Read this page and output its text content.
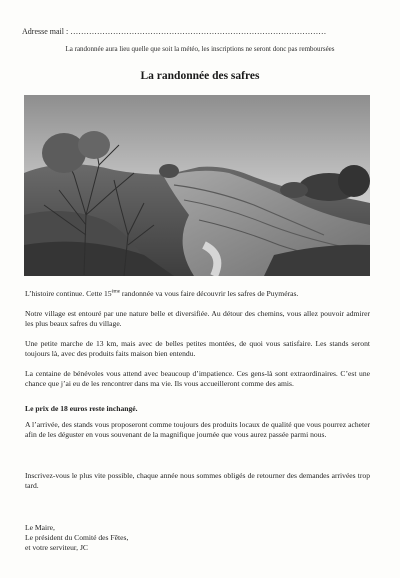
Adresse mail : ……………………………………………………………………………………
La randonnée aura lieu quelle que soit la météo, les inscriptions ne seront donc pas remboursées
La randonnée des safres
L’histoire continue. Cette 15ème randonnée va vous faire découvrir les safres de Puyméras.
Notre village est entouré par une nature belle et diversifiée. Au détour des chemins, vous allez pouvoir admirer les plus beaux safres du village.
Une petite marche de 13 km, mais avec de belles petites montées, de quoi vous satisfaire. Les stands seront toujours là, avec des produits faits maison bien entendu.
La centaine de bénévoles vous attend avec beaucoup d’impatience. Ces gens-là sont extraordinaires. C’est une chance que j’ai eu de les rencontrer dans ma vie. Ils vous accueilleront comme des amis.
Le prix de 18 euros reste inchangé.
A l’arrivée, des stands vous proposeront comme toujours des produits locaux de qualité que vous pourrez acheter afin de les déguster en vous souvenant de la magnifique journée que vous aurez passée parmi nous.
Inscrivez-vous le plus vite possible, chaque année nous sommes obligés de retourner des demandes arrivées trop tard.
Le Maire,
Le président du Comité des Fêtes,
et votre serviteur, JC
